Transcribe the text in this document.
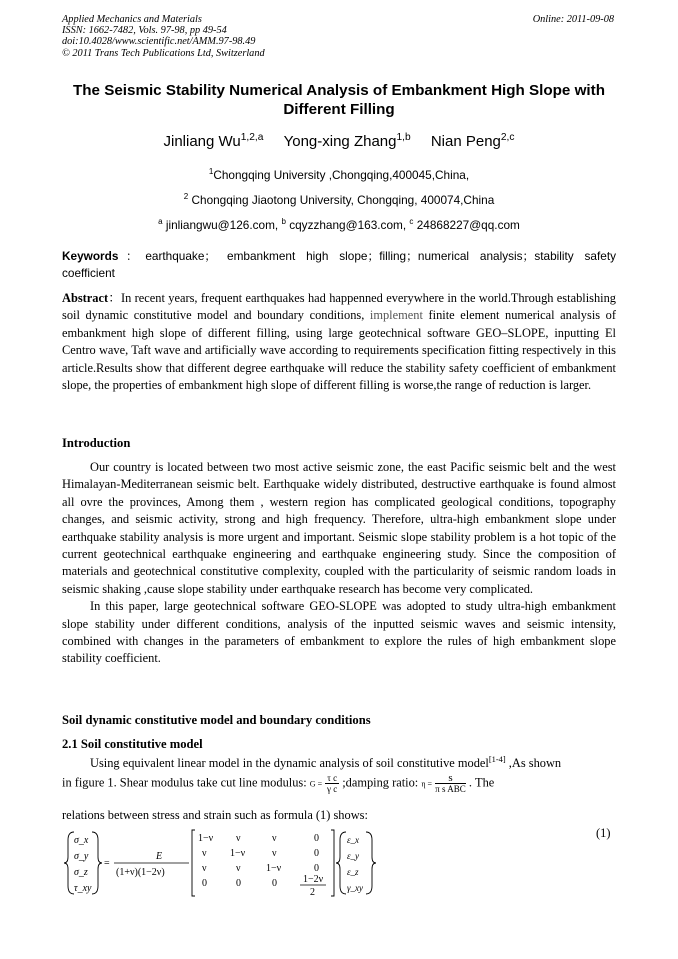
Applied Mechanics and Materials
ISSN: 1662-7482, Vols. 97-98, pp 49-54
doi:10.4028/www.scientific.net/AMM.97-98.49
© 2011 Trans Tech Publications Ltd, Switzerland
Online: 2011-09-08
The Seismic Stability Numerical Analysis of Embankment High Slope with Different Filling
Jinliang Wu$^{1,2,a}$ Yong-xing Zhang$^{1,b}$ Nian Peng$^{2,c}$
$^1$Chongqing University ,Chongqing,400045,China,
$^2$ Chongqing Jiaotong University, Chongqing, 400074,China
$^a$ jinliangwu@126.com, $^b$ cqyzzhang@163.com, $^c$ 24868227@qq.com
Keywords：earthquake； embankment high slope；filling；numerical analysis；stability safety coefficient

Abstract：In recent years, frequent earthquakes had happenned everywhere in the world.Through establishing soil dynamic constitutive model and boundary conditions, implement finite element numerical analysis of embankment high slope of different filling, using large geotechnical software GEO–SLOPE, inputting El Centro wave, Taft wave and artificially wave according to requirements specification fitting respectively in this article.Results show that different degree earthquake will reduce the stability safety coefficient of embankment slope, the properties of embankment high slope of different filling is worse,the range of reduction is larger.

Introduction

Our country is located between two most active seismic zone, the east Pacific seismic belt and the west Himalayan-Mediterranean seismic belt. Earthquake widely distributed, destructive earthquake is found almost all ovre the provinces, Among them , western region has complicated geological conditions, topography changes, and seismic activity, strong and high frequency. Therefore, ultra-high embankment slope under earthquake stability analysis is more urgent and important. Seismic slope stability problem is a hot topic of the current geotechnical earthquake engineering and earthquake engineering study. Since the composition of materials and geotechnical constitutive complexity, coupled with the particularity of seismic random loads in seismic shaking ,cause slope stability under earthquake research has become very complicated.

In this paper, large geotechnical software GEO-SLOPE was adopted to study ultra-high embankment slope stability under different conditions, analysis of the inputted seismic waves and seismic intensity, combined with changes in the parameters of embankment to explore the rules of high embankment slope stability coefficient.

Soil dynamic constitutive model and boundary conditions
2.1 Soil constitutive model

Using equivalent linear model in the dynamic analysis of soil constitutive model[1-4] ,As shown

in figure 1. Shear modulus take cut line modulus: $G = \frac{\text{τ c}}{\text{γ c}}$ ;damping ratio: $\eta = \frac{s}{\text{π s ABC}}$ . The
relations between stress and strain such as formula (1) shows:
(1)
σ_x
σ_y
σ_z
τ_xy
=
E
(1+ν)(1−2ν)
1−ν ν	ν	0
ν 1−ν	ν	0
ν	ν	1−ν	0
0	0	0	1−2ν
2
ε_x
ε_y
ε_z
γ_xy
